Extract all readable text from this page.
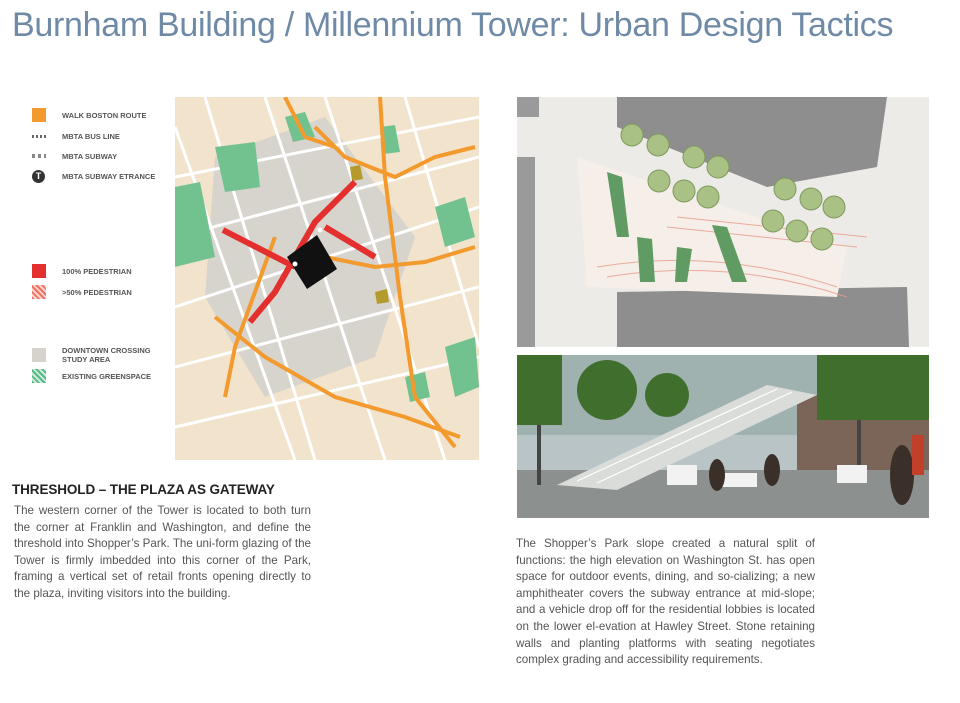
Burnham Building / Millennium Tower: Urban Design Tactics
WALK BOSTON ROUTE
MBTA BUS LINE
MBTA SUBWAY
T	MBTA SUBWAY ETRANCE
100% PEDESTRIAN
>50% PEDESTRIAN
DOWNTOWN CROSSING STUDY AREA
EXISTING GREENSPACE
THRESHOLD – THE PLAZA AS GATEWAY

The western corner of the Tower is located to both turn the corner at Franklin and Washington, and define the threshold into Shopper’s Park. The uni-form glazing of the Tower is firmly imbedded into this corner of the Park, framing a vertical set of retail fronts opening directly to the plaza, inviting visitors into the building.

The Shopper’s Park slope created a natural split of functions: the high elevation on Washington St. has open space for outdoor events, dining, and so-cializing; a new amphitheater covers the subway entrance at mid-slope; and a vehicle drop off for the residential lobbies is located on the lower el-evation at Hawley Street. Stone retaining walls and planting platforms with seating negotiates complex grading and accessibility requirements.
